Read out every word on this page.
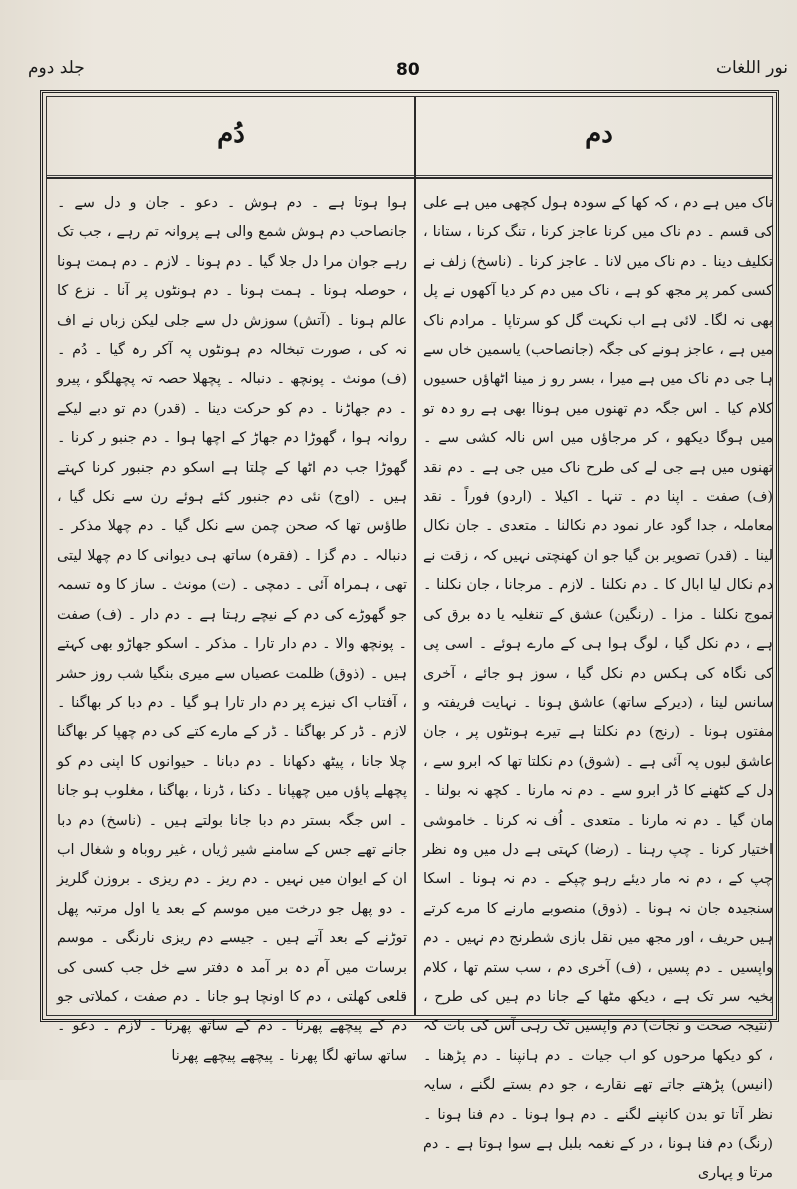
جلد دوم	80	نور اللغات
دُم	دم

ہوا ہوتا ہے ۔ دم ہوش ۔ دعو ۔ جان و دل سے ۔ جانصاحب دم ہوش شمع والی ہے پروانہ تم رہے ، جب تک رہے جوان مرا دل جلا گیا ۔ دم ہونا ۔ لازم ۔ دم ہمت ہونا ، حوصلہ ہونا ۔ ہمت ہونا ۔ دم ہونٹوں پر آنا ۔ نزع کا عالم ہونا ۔ (آتش) سوزش دل سے جلی لیکن زباں نے اف نہ کی ، صورت تبخالہ دم ہونٹوں پہ آکر رہ گیا ۔ دُم ۔ (ف) مونث ۔ پونچھ ۔ دنبالہ ۔ پچھلا حصہ تہ پچھلگو ، پیرو ۔ دم جھاڑنا ۔ دم کو حرکت دینا ۔ (قدر) دم تو دبے لیکے روانہ ہوا ، گھوڑا دم جھاڑ کے اچھا ہوا ۔ دم جنبو ر کرنا ۔ گھوڑا جب دم اٹھا کے چلتا ہے اسکو دم جنبور کرنا کہتے ہیں ۔ (اوج) نئی دم جنبور کئے ہوئے رن سے نکل گیا ، طاؤس تھا کہ صحن چمن سے نکل گیا ۔ دم چھلا مذکر ۔ دنبالہ ۔ دم گزا ۔ (فقرہ) ساتھ ہی دیوانی کا دم چھلا لیتی تھی ، ہمراہ آئی ۔ دمچی ۔ (ت) مونث ۔ ساز کا وہ تسمہ جو گھوڑے کی دم کے نیچے رہتا ہے ۔ دم دار ۔ (ف) صفت ۔ پونچھ والا ۔ دم دار تارا ۔ مذکر ۔ اسکو جھاڑو بھی کہتے ہیں ۔ (ذوق) ظلمت عصیاں سے میری بنگیا شب روز حشر ، آفتاب اک نیزے پر دم دار تارا ہو گیا ۔ دم دبا کر بھاگنا ۔ لازم ۔ ڈر کر بھاگنا ۔ ڈر کے مارے کتے کی دم چھپا کر بھاگنا چلا جانا ، پیٹھ دکھانا ۔ دم دبانا ۔ حیوانوں کا اپنی دم کو پچھلے پاؤں میں چھپانا ۔ دکنا ، ڈرنا ، بھاگنا ، مغلوب ہو جانا ۔ اس جگہ بستر دم دبا جانا بولتے ہیں ۔ (ناسخ) دم دبا جانے تھے جس کے سامنے شیر ژیاں ، غیر روباہ و شغال اب ان کے ایوان میں نہیں ۔ دم ریز ۔ دم ریزی ۔ بروزن گلریز ۔ دو پھل جو درخت میں موسم کے بعد یا اول مرتبہ پھل توڑنے کے بعد آتے ہیں ۔ جیسے دم ریزی نارنگی ۔ موسم برسات میں آم دہ بر آمد ہ دفتر سے خل جب کسی کی قلعی کھلتی ، دم کا اونچا ہو جانا ۔ دم صفت ، کملاتی جو دم کے پیچھے پھرنا ۔ دم کے ساتھ پھرنا ۔ لازم ۔ دعو ۔ ساتھ ساتھ لگا پھرنا ۔ پیچھے پیچھے پھرنا

ناک میں ہے دم ، کہ کھا کے سودہ ہول کچھی میں ہے علی کی قسم ۔ دم ناک میں کرنا عاجز کرنا ، تنگ کرنا ، ستانا ، تکلیف دینا ۔ دم ناک میں لانا ۔ عاجز کرنا ۔ (ناسخ) زلف نے کسی کمر پر مجھ کو ہے ، ناک میں دم کر دیا آکھوں نے پل بھی نہ لگا۔ لائی ہے اب نکہت گل کو سرتاپا ۔ مرادم ناک میں ہے ، عاجز ہونے کی جگہ (جانصاحب) یاسمین خاں سے ہا جی دم ناک میں ہے میرا ، بسر رو ز مینا اٹھاؤں حسیوں کلام کیا ۔ اس جگہ دم تھنوں میں ہوناا بھی ہے رو دہ تو میں ہوگا دیکھو ، کر مرجاؤں میں اس نالہ کشی سے ۔ تھنوں میں ہے جی لے کی طرح ناک میں جی ہے ۔ دم نقد (ف) صفت ۔ اپنا دم ۔ تنہا ۔ اکیلا ۔ (اردو) فوراً ۔ نقد معاملہ ، جدا گود عار نمود دم نکالنا ۔ متعدی ۔ جان نکال لینا ۔ (قدر) تصویر بن گیا جو ان کھنچتی نہیں کہ ، زقت نے دم نکال لیا ابال کا ۔ دم نکلنا ۔ لازم ۔ مرجانا ، جان نکلنا ۔ تموج نکلنا ۔ مزا ۔ (رنگین) عشق کے تنغلیہ یا دہ برق کی ہے ، دم نکل گیا ، لوگ ہوا ہی کے مارے ہوئے ۔ اسی پی کی نگاہ کی ہکس دم نکل گیا ، سوز ہو جائے ، آخری سانس لینا ، (دیرکے ساتھ) عاشق ہونا ۔ نہایت فریفتہ و مفتوں ہونا ۔ (رنج) دم نکلتا ہے تیرے ہونٹوں پر ، جان عاشق لبوں پہ آئی ہے ۔ (شوق) دم نکلتا تھا کہ ابرو سے ، دل کے کٹھنے کا ڈر ابرو سے ۔ دم نہ مارنا ۔ کچھ نہ بولنا ۔ مان گیا ۔ دم نہ مارنا ۔ متعدی ۔ اُف نہ کرنا ۔ خاموشی اختیار کرنا ۔ چپ رہنا ۔ (رضا) کہتی ہے دل میں وہ نظر چپ کے ، دم نہ مار دیئے رہو چپکے ۔ دم نہ ہونا ۔ اسکا سنجیدہ جان نہ ہونا ۔ (ذوق) منصوبے مارنے کا مرے کرتے ہیں حریف ، اور مجھ میں نقل بازی شطرنج دم نہیں ۔ دم واپسیں ۔ دم پسیں ، (ف) آخری دم ، سب ستم تھا ، کلام بخیہ سر تک ہے ، دیکھ مٹھا کے جانا دم ہیں کی طرح ، (نتیجہ صحت و نجات) دم واپسیں تک رہی آس کی بات کہ ، کو دیکھا مرحوں کو اب جیات ۔ دم ہانپنا ۔ دم پڑھنا ۔ (انیس) پڑھتے جاتے تھے نقارے ، جو دم بستے لگنے ، سایہ نظر آتا تو بدن کانپنے لگنے ۔ دم ہوا ہونا ۔ دم فنا ہونا ۔ (رنگ) دم فنا ہونا ، در کے نغمہ بلبل ہے سوا ہوتا ہے ۔ دم مرتا و پہاری
